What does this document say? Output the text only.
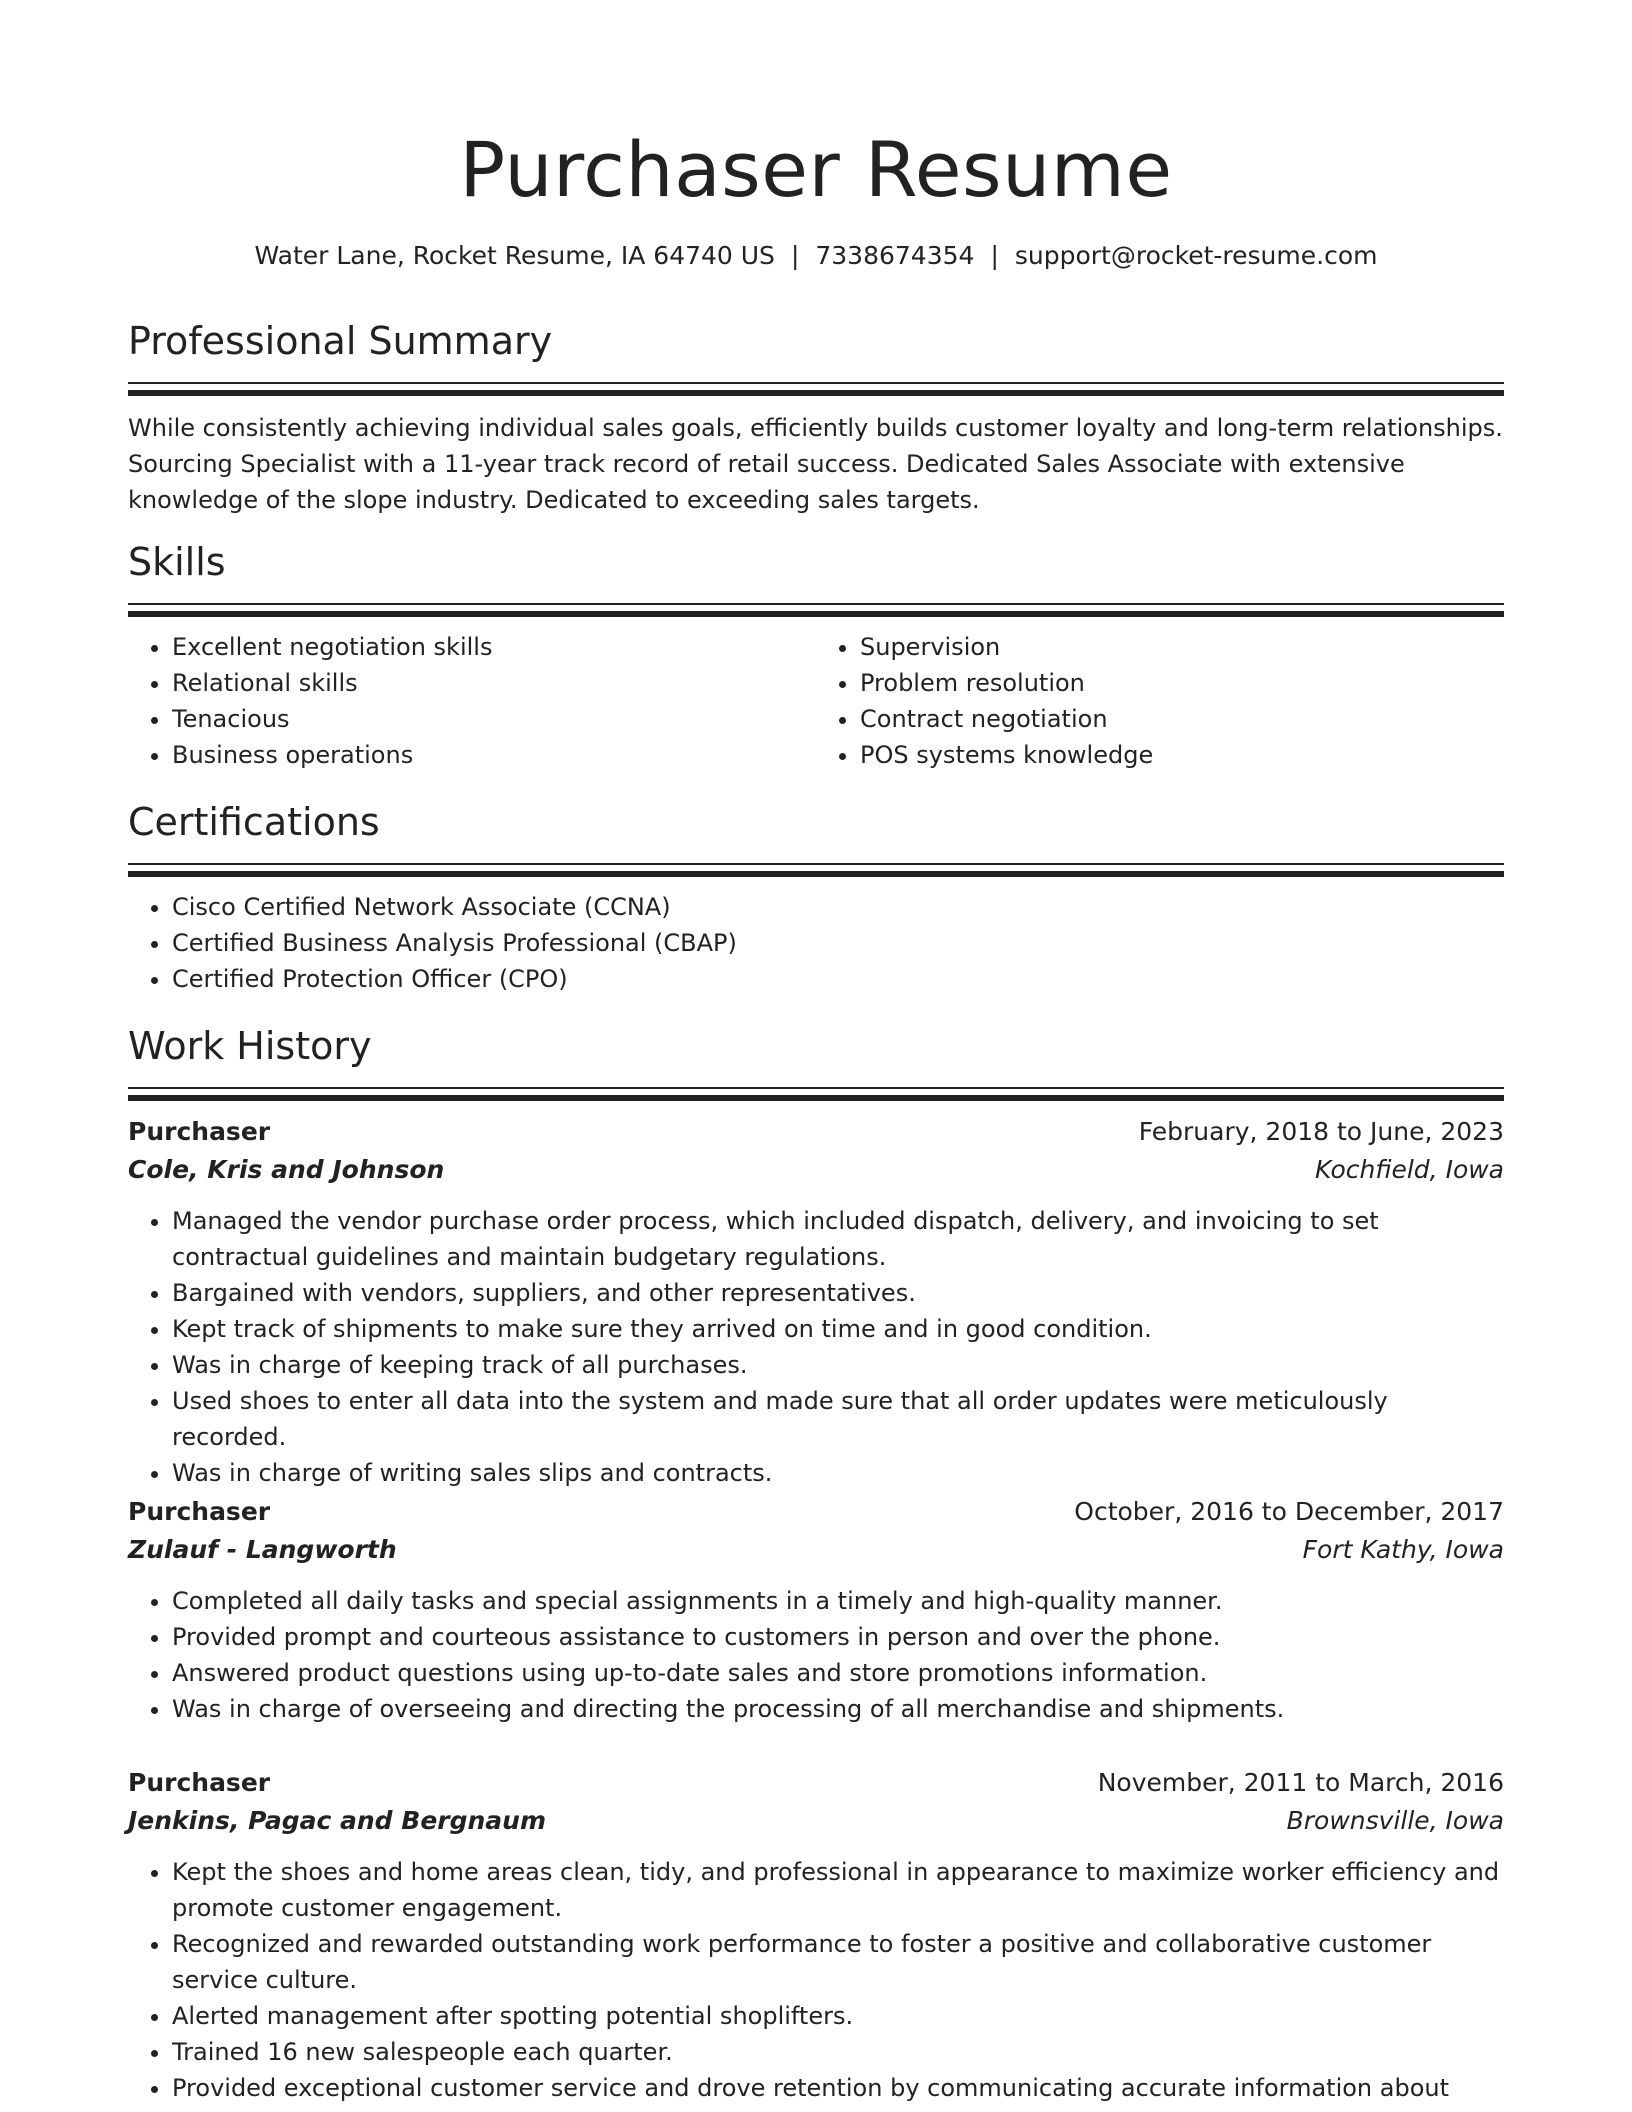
Purchaser Resume
Water Lane, Rocket Resume, IA 64740 US | 7338674354 | support@rocket-resume.com
Professional Summary
While consistently achieving individual sales goals, efficiently builds customer loyalty and long-term relationships. Sourcing Specialist with a 11-year track record of retail success. Dedicated Sales Associate with extensive knowledge of the slope industry. Dedicated to exceeding sales targets.
Skills
• Excellent negotiation skills
• Relational skills
• Tenacious
• Business operations
• Supervision
• Problem resolution
• Contract negotiation
• POS systems knowledge
Certifications
• Cisco Certified Network Associate (CCNA)
• Certified Business Analysis Professional (CBAP)
• Certified Protection Officer (CPO)
Work History
Purchaser	February, 2018 to June, 2023
Cole, Kris and Johnson	Kochfield, Iowa
• Managed the vendor purchase order process, which included dispatch, delivery, and invoicing to set contractual guidelines and maintain budgetary regulations.
• Bargained with vendors, suppliers, and other representatives.
• Kept track of shipments to make sure they arrived on time and in good condition.
• Was in charge of keeping track of all purchases.
• Used shoes to enter all data into the system and made sure that all order updates were meticulously recorded.
• Was in charge of writing sales slips and contracts.
Purchaser	October, 2016 to December, 2017
Zulauf - Langworth	Fort Kathy, Iowa
• Completed all daily tasks and special assignments in a timely and high-quality manner.
• Provided prompt and courteous assistance to customers in person and over the phone.
• Answered product questions using up-to-date sales and store promotions information.
• Was in charge of overseeing and directing the processing of all merchandise and shipments.
Purchaser	November, 2011 to March, 2016
Jenkins, Pagac and Bergnaum	Brownsville, Iowa
• Kept the shoes and home areas clean, tidy, and professional in appearance to maximize worker efficiency and promote customer engagement.
• Recognized and rewarded outstanding work performance to foster a positive and collaborative customer service culture.
• Alerted management after spotting potential shoplifters.
• Trained 16 new salespeople each quarter.
• Provided exceptional customer service and drove retention by communicating accurate information about
